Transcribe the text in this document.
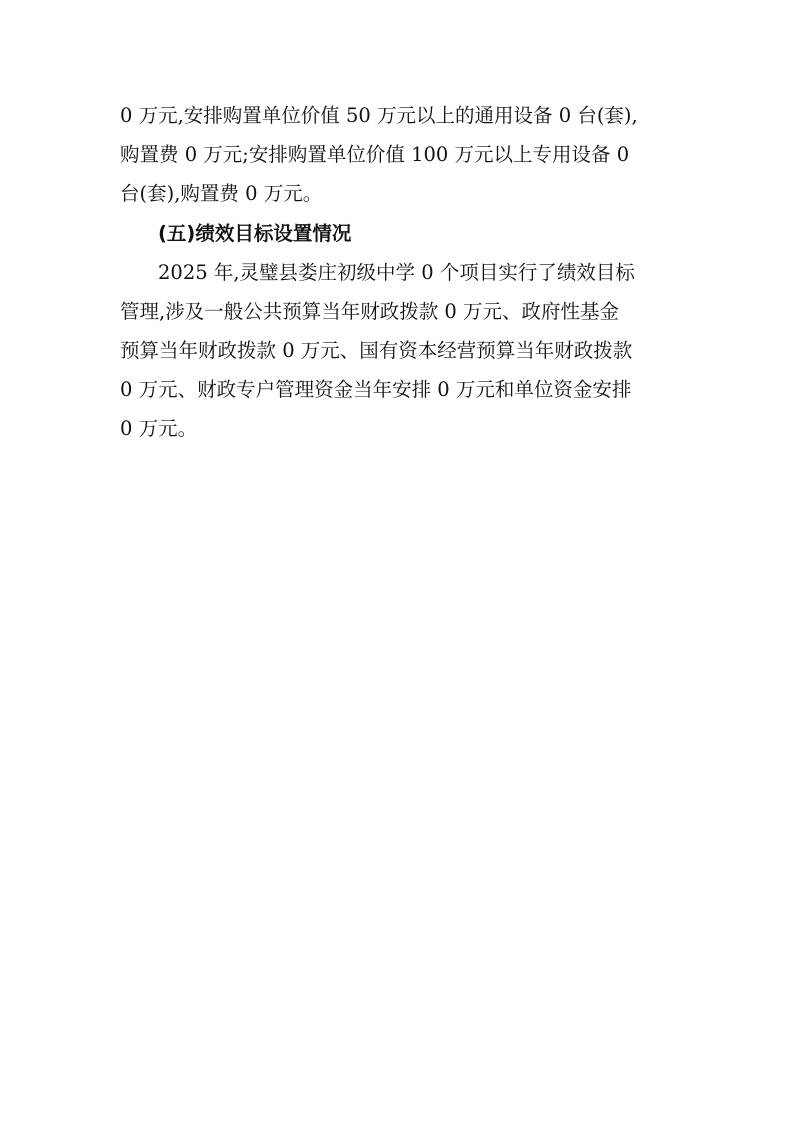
0 万元,安排购置单位价值 50 万元以上的通用设备 0 台(套),
购置费 0 万元;安排购置单位价值 100 万元以上专用设备 0
台(套),购置费 0 万元。
(五)绩效目标设置情况
2025 年,灵璧县娄庄初级中学 0 个项目实行了绩效目标
管理,涉及一般公共预算当年财政拨款 0 万元、政府性基金
预算当年财政拨款 0 万元、国有资本经营预算当年财政拨款
0 万元、财政专户管理资金当年安排 0 万元和单位资金安排
0 万元。
